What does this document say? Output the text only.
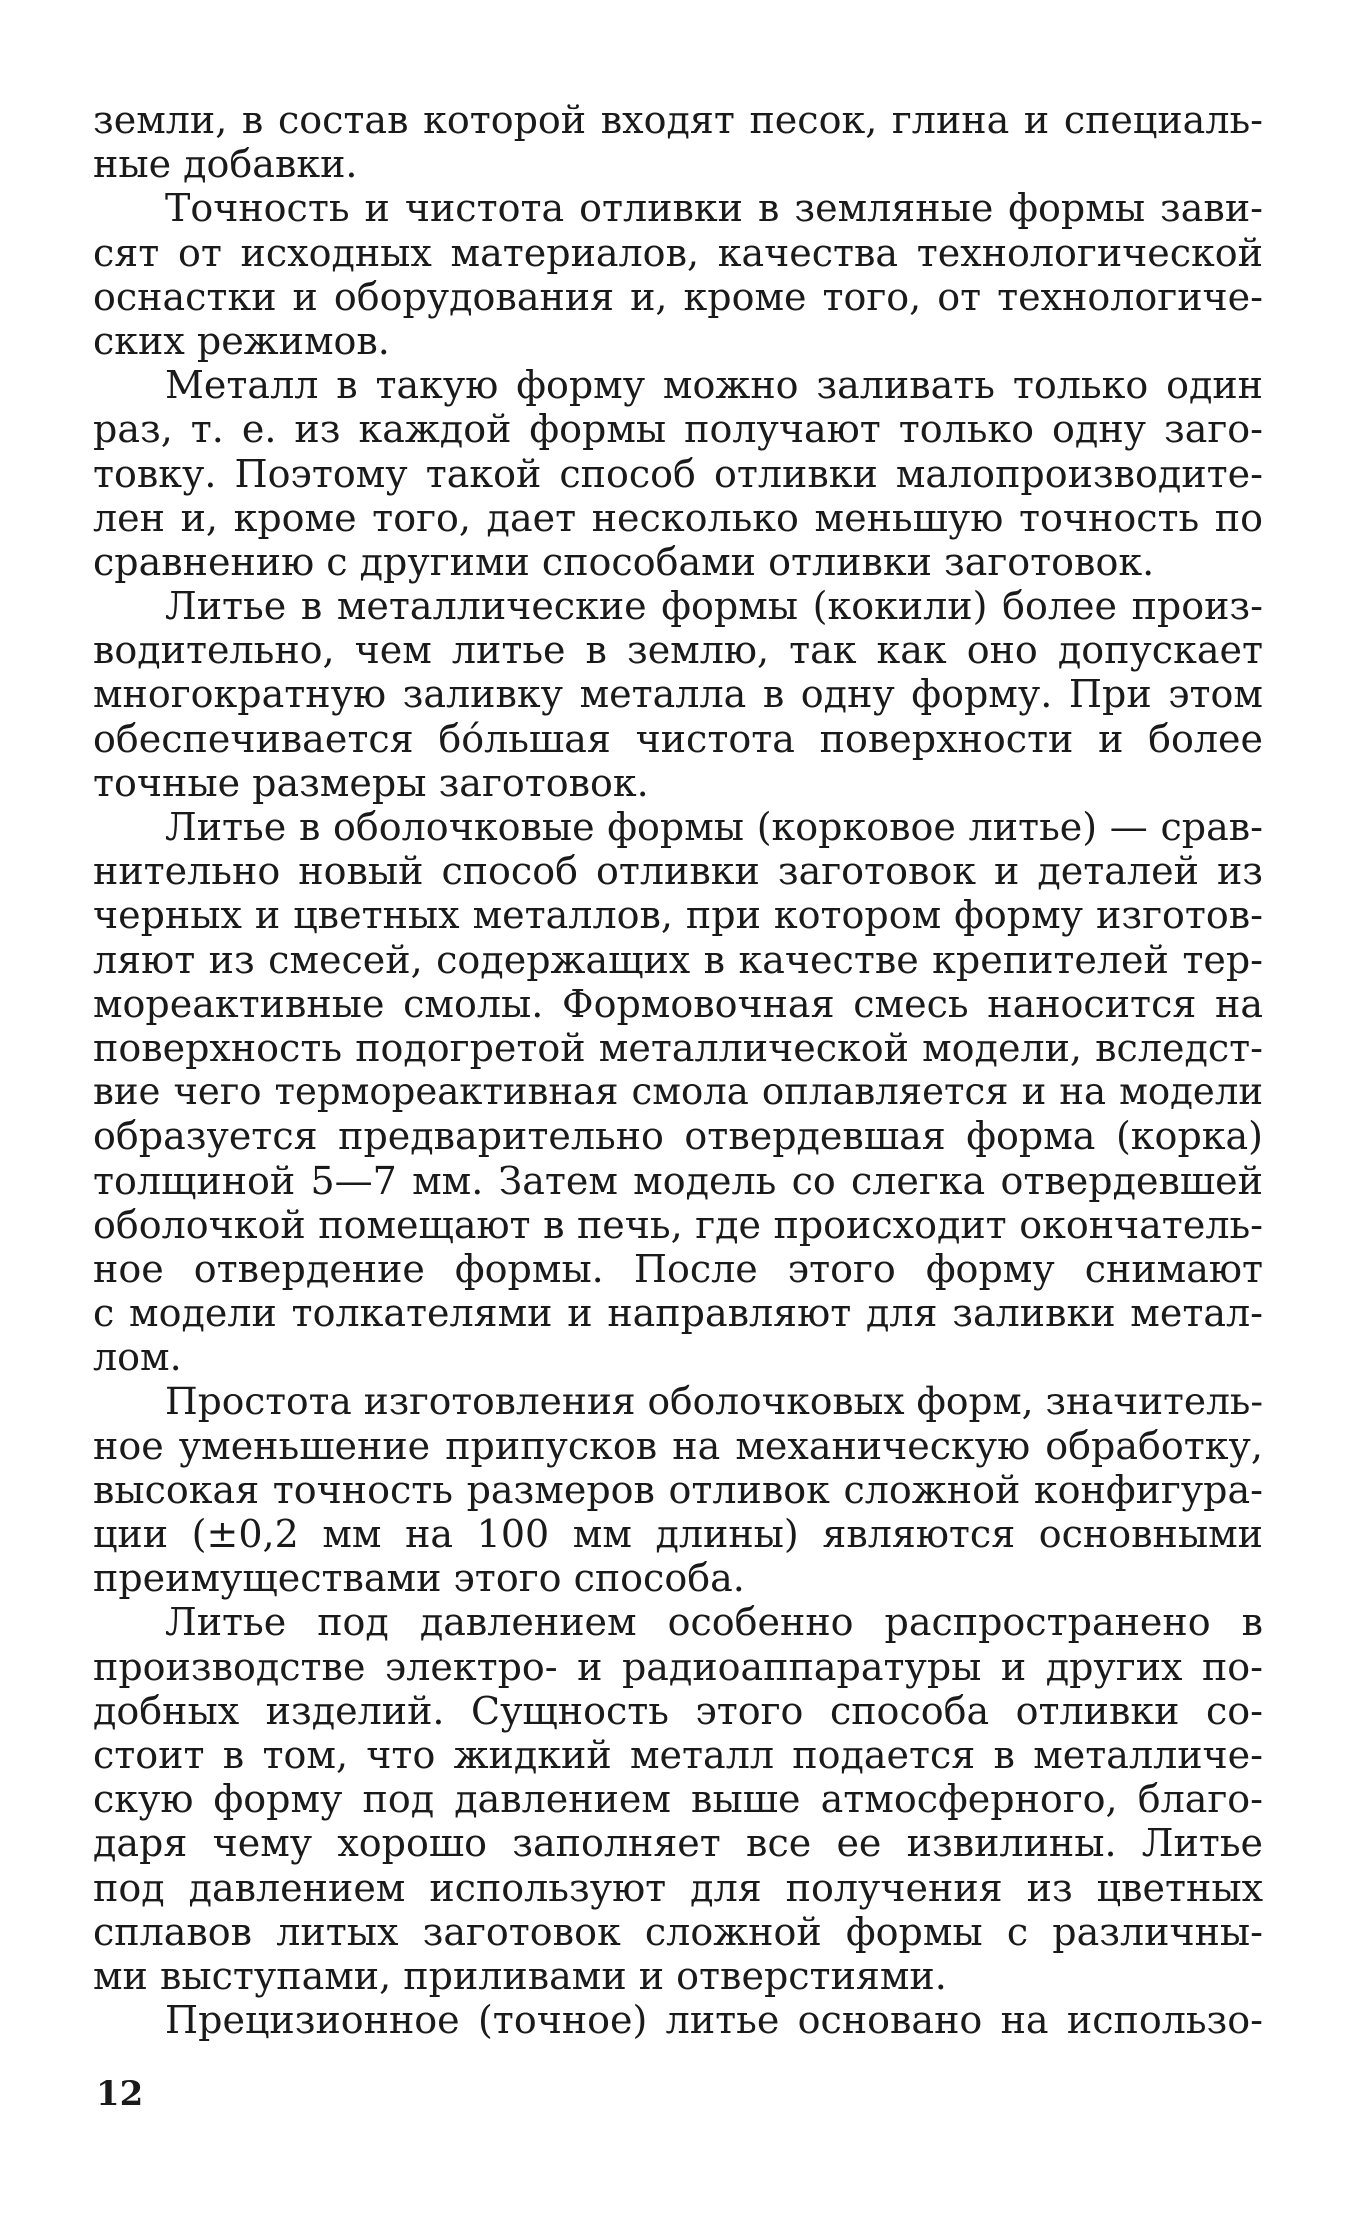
земли, в состав которой входят песок, глина и специаль-
ные добавки.
Точность и чистота отливки в земляные формы зави-
сят от исходных материалов, качества технологической
оснастки и оборудования и, кроме того, от технологиче-
ских режимов.
Металл в такую форму можно заливать только один
раз, т. е. из каждой формы получают только одну заго-
товку. Поэтому такой способ отливки малопроизводите-
лен и, кроме того, дает несколько меньшую точность по
сравнению с другими способами отливки заготовок.
Литье в металлические формы (кокили) более произ-
водительно, чем литье в землю, так как оно допускает
многократную заливку металла в одну форму. При этом
обеспечивается бо́льшая чистота поверхности и более
точные размеры заготовок.
Литье в оболочковые формы (корковое литье) — срав-
нительно новый способ отливки заготовок и деталей из
черных и цветных металлов, при котором форму изготов-
ляют из смесей, содержащих в качестве крепителей тер-
мореактивные смолы. Формовочная смесь наносится на
поверхность подогретой металлической модели, вследст-
вие чего термореактивная смола оплавляется и на модели
образуется предварительно отвердевшая форма (корка)
толщиной 5—7 мм. Затем модель со слегка отвердевшей
оболочкой помещают в печь, где происходит окончатель-
ное отвердение формы. После этого форму снимают
с модели толкателями и направляют для заливки метал-
лом.
Простота изготовления оболочковых форм, значитель-
ное уменьшение припусков на механическую обработку,
высокая точность размеров отливок сложной конфигура-
ции (±0,2 мм на 100 мм длины) являются основными
преимуществами этого способа.
Литье под давлением особенно распространено в
производстве электро- и радиоаппаратуры и других по-
добных изделий. Сущность этого способа отливки со-
стоит в том, что жидкий металл подается в металличе-
скую форму под давлением выше атмосферного, благо-
даря чему хорошо заполняет все ее извилины. Литье
под давлением используют для получения из цветных
сплавов литых заготовок сложной формы с различны-
ми выступами, приливами и отверстиями.
Прецизионное (точное) литье основано на использо-
12
